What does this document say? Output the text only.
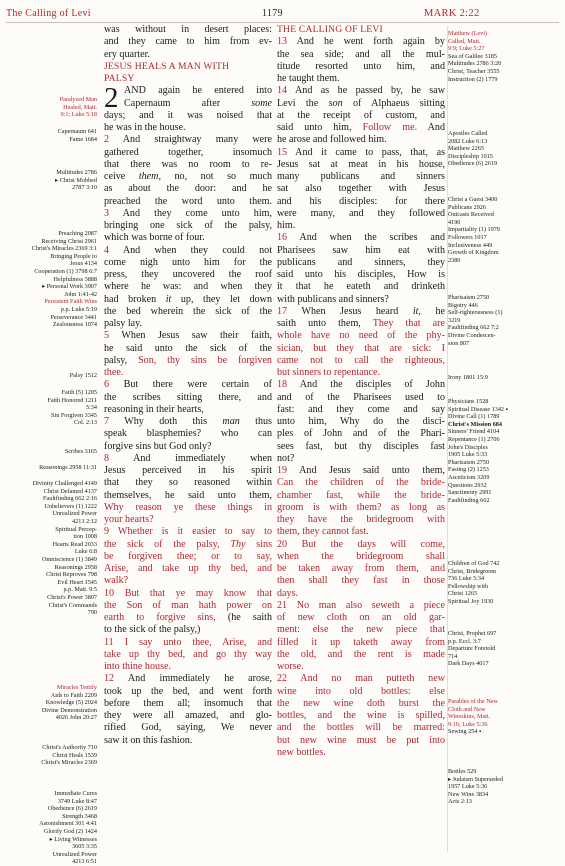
The Calling of Levi	1179	MARK 2:22
Paralyzed Man
Healed, Matt.
9:1; Luke 5:18
Capernaum 641
Fame 1684
Multitudes 2786
▸ Christ Mobbed
2787 3:10
Preaching 2087
Receiving Christ 2961
Christ's Miracles 2369 3:1
Bringing People to
Jesus 4134
Cooperation (1) 3798 6:7
Helpfulness 3888
▸ Personal Work 3907
John 1:41-42
Persistent Faith Wins
p.p. Luke 5:19
Perseverance 3441
Zealousness 1074
Palsy 1512
Faith (5) 1205
Faith Honored 1211
5:34
Sin Forgiven 3345
Col. 2:13
Scribes 3165
Reasonings 2958 11:31
Divinity Challenged 4149
Christ Defamed 4137
Faultfinding 662 2:16
Unbelievers (1) 1222
Unrealized Power
4213 2:12
Spiritual Percep-
tion 1008
Hearts Read 2033
Luke 6:8
Omniscience (1) 3849
Reasonings 2958
Christ Reproves 798
Evil Heart 1545
p.p. Matt. 9:5
Christ's Power 3807
Christ's Commands
790
Miracles Testify
Aids to Faith 2209
Knowledge (5) 2024
Divine Demonstration
4026 John 20:27
Christ's Authority 710
Christ Heals 1539
Christ's Miracles 2369
Immediate Cures
3749 Luke 8:47
Obedience (6) 2619
Strength 3468
Astonishment 301 4:41
Glorify God (2) 1424
▸ Living Witnesses
3605 3:35
Unrealized Power
4213 6:51
was without in desert places:
and they came to him from ev-
ery quarter.
JESUS HEALS A MAN WITH
PALSY
2 AND again he entered into
Capernaum after some
days; and it was noised that
he was in the house.
2 And straightway many were
gathered together, insomuch
that there was no room to re-
ceive them, no, not so much
as about the door: and he
preached the word unto them.
3 And they come unto him,
bringing one sick of the palsy,
which was borne of four.
4 And when they could not
come nigh unto him for the
press, they uncovered the roof
where he was: and when they
had broken it up, they let down
the bed wherein the sick of the
palsy lay.
5 When Jesus saw their faith,
he said unto the sick of the
palsy, Son, thy sins be forgiven
thee.
6 But there were certain of
the scribes sitting there, and
reasoning in their hearts,
7 Why doth this man thus
speak blasphemies? who can
forgive sins but God only?
8 And immediately when
Jesus perceived in his spirit
that they so reasoned within
themselves, he said unto them,
Why reason ye these things in
your hearts?
9 Whether is it easier to say to
the sick of the palsy, Thy sins
be forgiven thee; or to say,
Arise, and take up thy bed, and
walk?
10 But that ye may know that
the Son of man hath power on
earth to forgive sins, (he saith
to the sick of the palsy,)
11 I say unto thee, Arise, and
take up thy bed, and go thy way
into thine house.
12 And immediately he arose,
took up the bed, and went forth
before them all; insomuch that
they were all amazed, and glo-
rified God, saying, We never
saw it on this fashion.
THE CALLING OF LEVI
13 And he went forth again by
the sea side; and all the mul-
titude resorted unto him, and
he taught them.
14 And as he passed by, he saw
Levi the son of Alphaeus sitting
at the receipt of custom, and
said unto him, Follow me. And
he arose and followed him.
15 And it came to pass, that, as
Jesus sat at meat in his house,
many publicans and sinners
sat also together with Jesus
and his disciples: for there
were many, and they followed
him.
16 And when the scribes and
Pharisees saw him eat with
publicans and sinners, they
said unto his disciples, How is
it that he eateth and drinketh
with publicans and sinners?
17 When Jesus heard it, he
saith unto them, They that are
whole have no need of the phy-
sician, but they that are sick: I
came not to call the righteous,
but sinners to repentance.
18 And the disciples of John
and of the Pharisees used to
fast: and they come and say
unto him, Why do the disci-
ples of John and of the Phari-
sees fast, but thy disciples fast
not?
19 And Jesus said unto them,
Can the children of the bride-
chamber fast, while the bride-
groom is with them? as long as
they have the bridegroom with
them, they cannot fast.
20 But the days will come,
when the bridegroom shall
be taken away from them, and
then shall they fast in those
days.
21 No man also seweth a piece
of new cloth on an old gar-
ment: else the new piece that
filled it up taketh away from
the old, and the rent is made
worse.
22 And no man putteth new
wine into old bottles: else
the new wine doth burst the
bottles, and the wine is spilled,
and the bottles will be marred:
but new wine must be put into
new bottles.
Matthew (Levi)
Called, Matt.
9:9; Luke 5:27
Sea of Galilee 3185
Multitudes 2786 3:20
Christ, Teacher 3555
Instruction (2) 1779
Apostles Called
2082 Luke 6:13
Matthew 2265
Discipleship 1015
Obedience (6) 2619
Christ a Guest 3400
Publicans 2926
Outcasts Received
4190
Impartiality (1) 1979
Followers 1017
Inclusiveness 449
Growth of Kingdom
2380
Pharisaism 2750
Bigotry 446
Self-righteousness (1)
3219
Faultfinding 662 7:2
Divine Condescen-
sion 807
Irony 1801 15:9
Physicians 1528
Spiritual Disease 1342 ▪
Divine Call (1) 1789
Christ's Mission 684
Sinners' Friend 4104
Repentance (1) 2706
John's Disciples
1905 Luke 5:33
Pharisaism 2750
Fasting (2) 1253
Asceticism 3209
Questions 2932
Sanctimony 2991
Faultfinding 662
Children of God 742
Christ, Bridegroom
736 Luke 5:34
Fellowship with
Christ 1265
Spiritual Joy 1930
Christ, Prophet 697
p.p. Eccl. 3:7
Departure Foretold
714
Dark Days 4017
Parables of the New
Cloth and New
Wineskins, Matt.
9:16; Luke 5:36
Sewing 254 ▪
Bottles 529
▸ Judaism Superseded
1957 Luke 5:36
New Wine 3834
Acts 2:13
